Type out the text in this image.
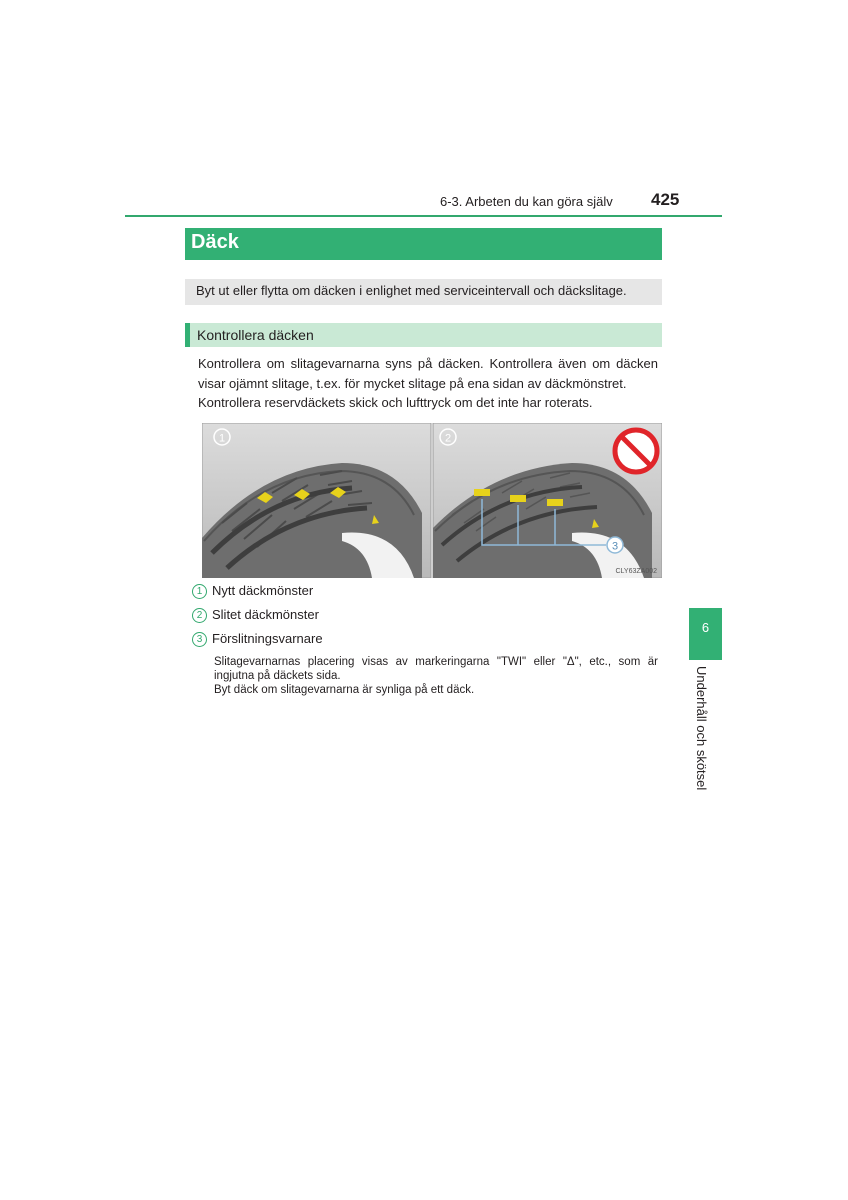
6-3. Arbeten du kan göra själv 425
Däck
Byt ut eller flytta om däcken i enlighet med serviceintervall och däckslitage.
Kontrollera däcken

Kontrollera om slitagevarnarna syns på däcken. Kontrollera även om däcken visar ojämnt slitage, t.ex. för mycket slitage på ena sidan av däckmönstret.

Kontrollera reservdäckets skick och lufttryck om det inte har roterats.

1	2
3
CLY63ZA002
1 Nytt däckmönster
2 Slitet däckmönster
3 Förslitningsvarnare

Slitagevarnarnas placering visas av markeringarna "TWI" eller "Δ", etc., som är ingjutna på däckets sida.

Byt däck om slitagevarnarna är synliga på ett däck.

6
Underhåll och skötsel
